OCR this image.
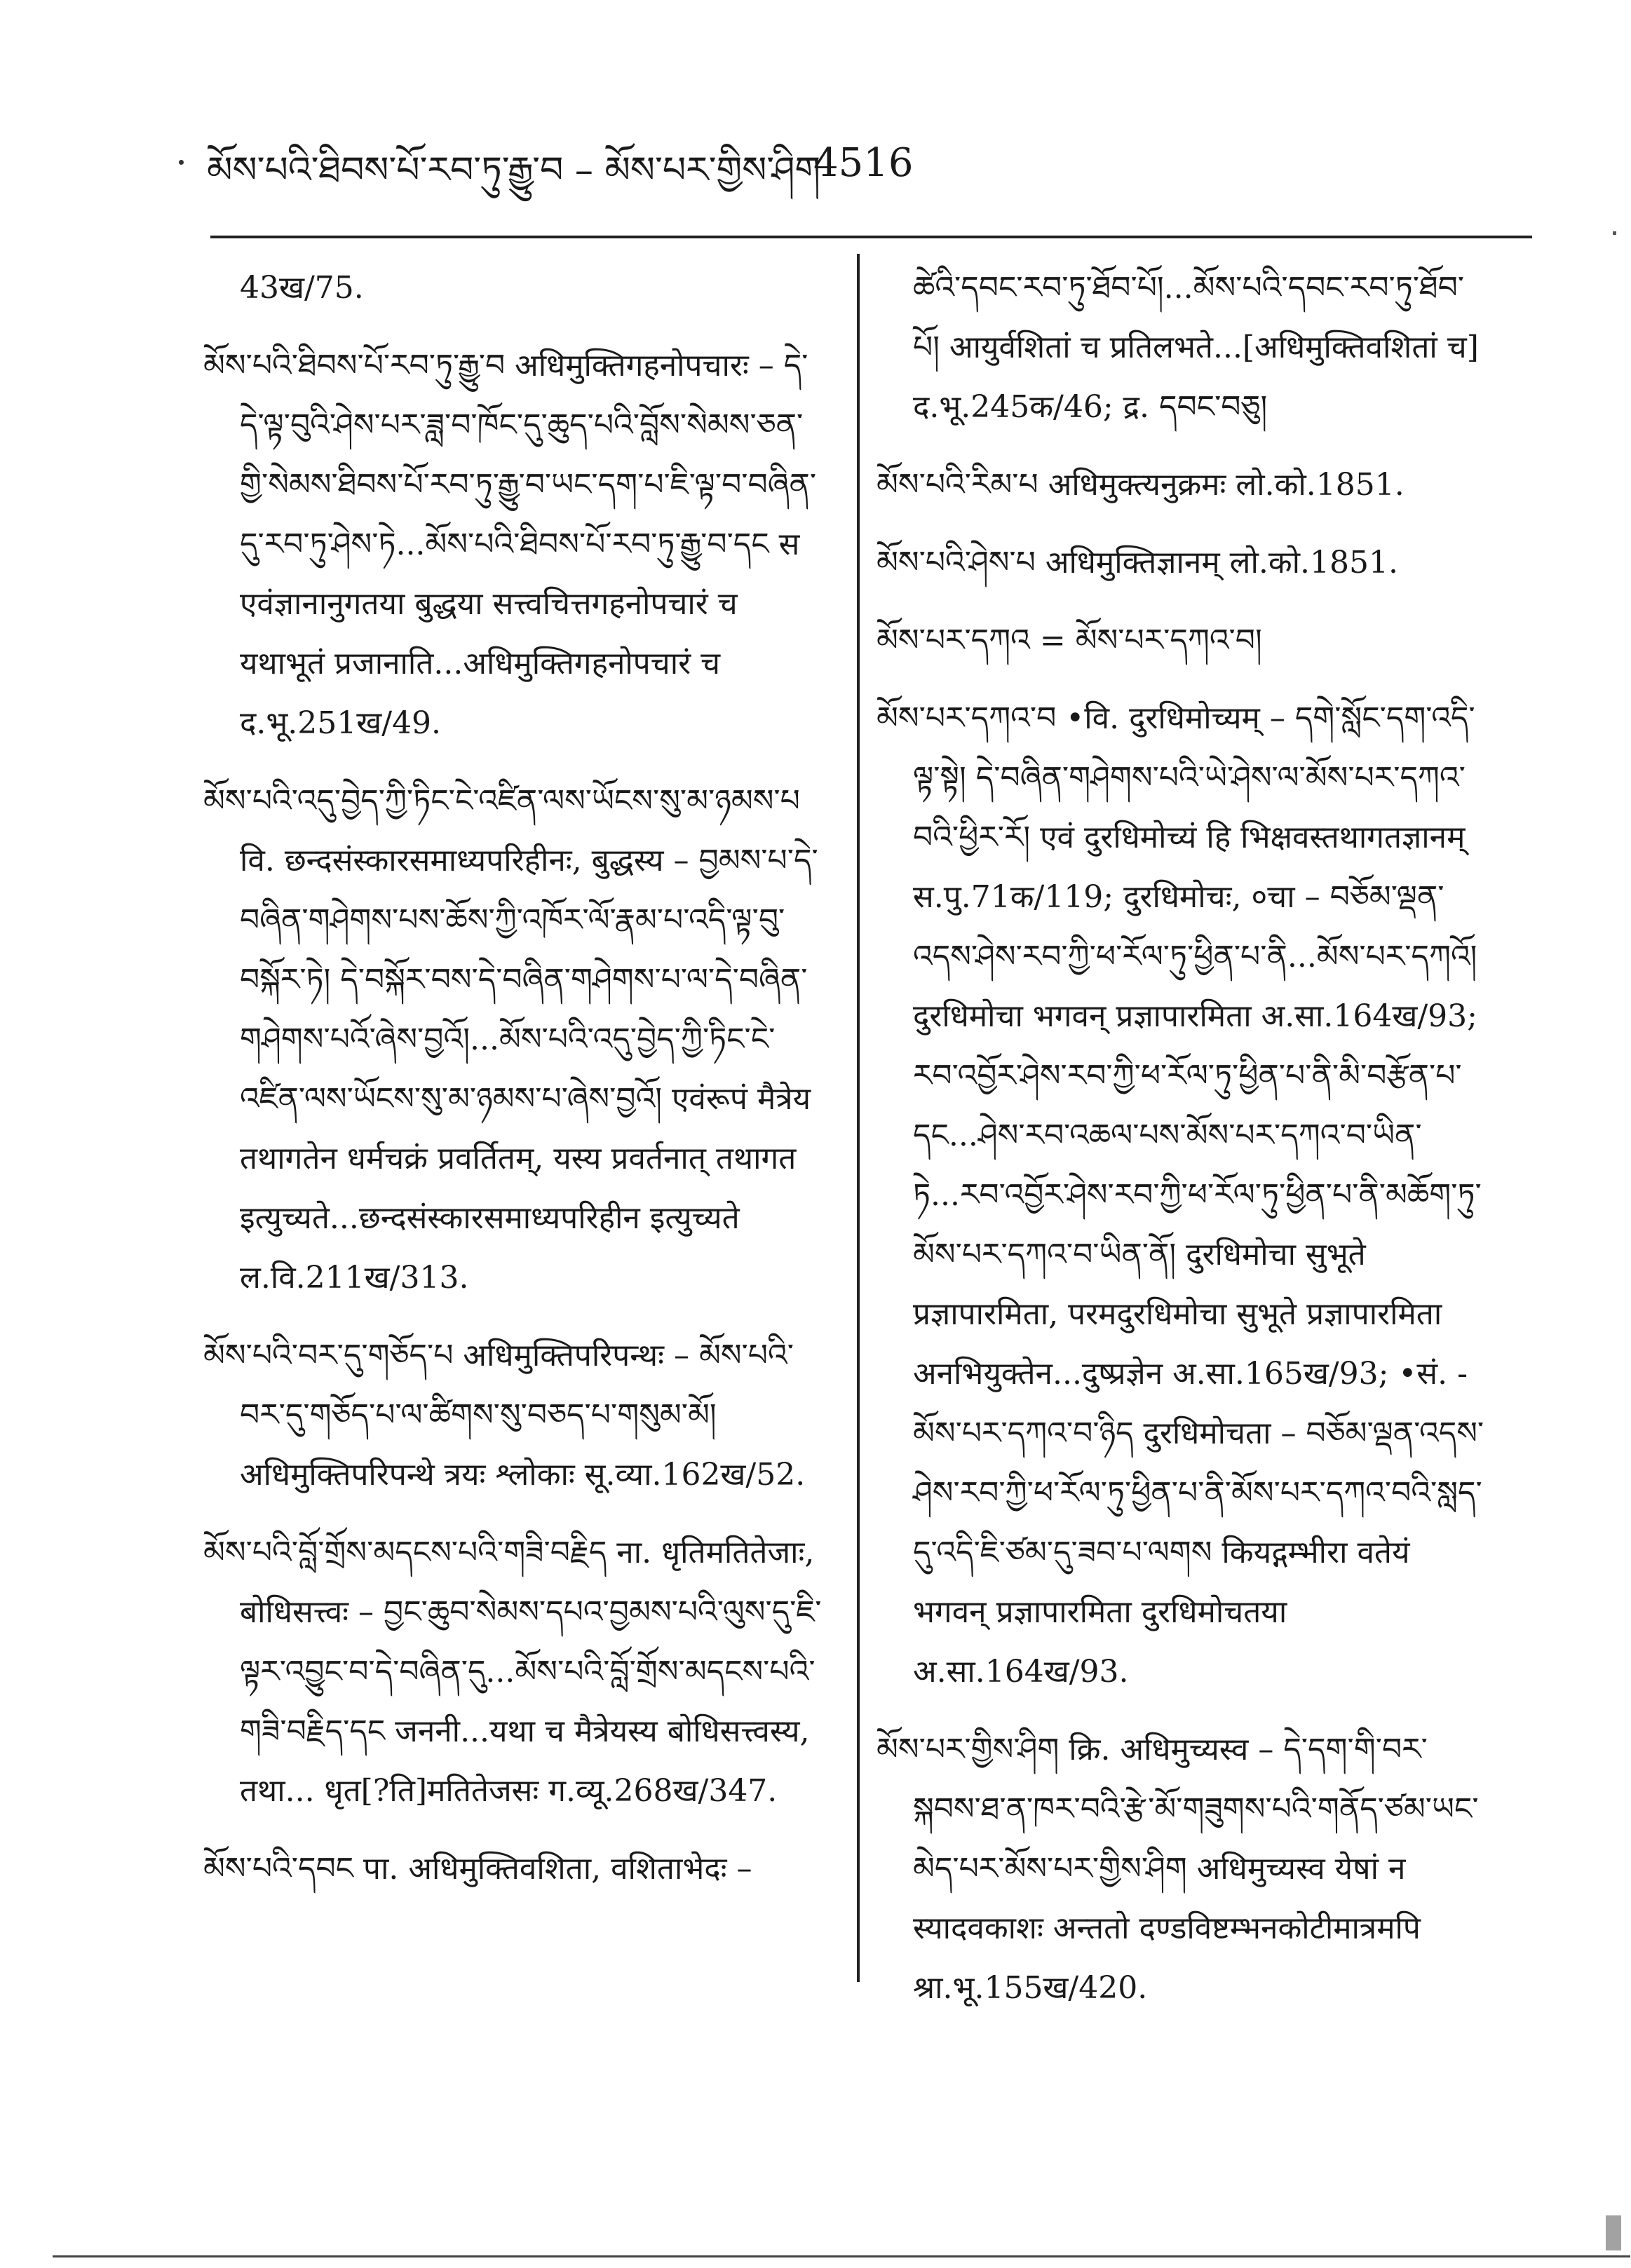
མོས་པའི་ཐིབས་པོ་རབ་ཏུ་རྒྱུ་བ – མོས་པར་གྱིས་ཤིག
4516

43ख/75.

མོས་པའི་ཐིབས་པོ་རབ་ཏུ་རྒྱུ་བ अधिमुक्तिगहनोपचारः – དེ་དེ་ལྟ་བུའི་ཤེས་པར་ཟླ་བ་ཁོང་དུ་ཆུད་པའི་བློས་སེམས་ཅན་གྱི་སེམས་ཐིབས་པོ་རབ་ཏུ་རྒྱུ་བ་ཡང་དག་པ་ཇི་ལྟ་བ་བཞིན་དུ་རབ་ཏུ་ཤེས་ཏེ...མོས་པའི་ཐིབས་པོ་རབ་ཏུ་རྒྱུ་བ་དང स एवंज्ञानानुगतया बुद्धया सत्त्वचित्तगहनोपचारं च यथाभूतं प्रजानाति...अधिमुक्तिगहनोपचारं च द.भू.251ख/49.

མོས་པའི་འདུ་བྱེད་ཀྱི་ཏིང་ངེ་འཛིན་ལས་ཡོངས་སུ་མ་ཉམས་པ वि. छन्दसंस्कारसमाध्यपरिहीनः, बुद्धस्य – བྱམས་པ་དེ་བཞིན་གཤེགས་པས་ཆོས་ཀྱི་འཁོར་ལོ་རྣམ་པ་འདི་ལྟ་བུ་བསྐོར་ཏེ། དེ་བསྐོར་བས་དེ་བཞིན་གཤེགས་པ་ལ་དེ་བཞིན་གཤེགས་པའོ་ཞེས་བྱའོ།...མོས་པའི་འདུ་བྱེད་ཀྱི་ཏིང་ངེ་འཛིན་ལས་ཡོངས་སུ་མ་ཉམས་པ་ཞེས་བྱའོ། एवंरूपं मैत्रेय तथागतेन धर्मचक्रं प्रवर्तितम्, यस्य प्रवर्तनात् तथागत इत्युच्यते...छन्दसंस्कारसमाध्यपरिहीन इत्युच्यते ल.वि.211ख/313.

མོས་པའི་བར་དུ་གཅོད་པ अधिमुक्तिपरिपन्थः – མོས་པའི་བར་དུ་གཅོད་པ་ལ་ཚིགས་སུ་བཅད་པ་གསུམ་མོ། अधिमुक्तिपरिपन्थे त्रयः श्लोकाः सू.व्या.162ख/52.

མོས་པའི་བློ་གྲོས་མདངས་པའི་གཟི་བརྗིད ना. धृतिमतितेजाः, बोधिसत्त्वः – བྱང་ཆུབ་སེམས་དཔའ་བྱམས་པའི་ལུས་དུ་ཇི་ལྟར་འབྱུང་བ་དེ་བཞིན་དུ...མོས་པའི་བློ་གྲོས་མདངས་པའི་གཟི་བརྗིད་དང जननी...यथा च मैत्रेयस्य बोधिसत्त्वस्य, तथा... धृत[?ति]मतितेजसः ग.व्यू.268ख/347.

མོས་པའི་དབང पा. अधिमुक्तिवशिता, वशिताभेदः –

ཚེའི་དབང་རབ་ཏུ་ཐོབ་པོ།...མོས་པའི་དབང་རབ་ཏུ་ཐོབ་པོ། आयुर्वशितां च प्रतिलभते...[अधिमुक्तिवशितां च] द.भू.245क/46; द्र. དབང་བཅུ།

མོས་པའི་རིམ་པ अधिमुक्त्यनुक्रमः लो.को.1851.

མོས་པའི་ཤེས་པ अधिमुक्तिज्ञानम् लो.को.1851.

མོས་པར་དཀའ = མོས་པར་དཀའ་བ།

མོས་པར་དཀའ་བ •वि. दुरधिमोच्यम् – དགེ་སློང་དག་འདི་ལྟ་སྟེ། དེ་བཞིན་གཤེགས་པའི་ཡེ་ཤེས་ལ་མོས་པར་དཀའ་བའི་ཕྱིར་རོ། एवं दुरधिमोच्यं हि भिक्षवस्तथागतज्ञानम् स.पु.71क/119; दुरधिमोचः, ०चा – བཅོམ་ལྡན་འདས་ཤེས་རབ་ཀྱི་ཕ་རོལ་ཏུ་ཕྱིན་པ་ནི...མོས་པར་དཀའོ། दुरधिमोचा भगवन् प्रज्ञापारमिता अ.सा.164ख/93; རབ་འབྱོར་ཤེས་རབ་ཀྱི་ཕ་རོལ་ཏུ་ཕྱིན་པ་ནི་མི་བརྩོན་པ་དང...ཤེས་རབ་འཆལ་པས་མོས་པར་དཀའ་བ་ཡིན་ཏེ...རབ་འབྱོར་ཤེས་རབ་ཀྱི་ཕ་རོལ་ཏུ་ཕྱིན་པ་ནི་མཆོག་ཏུ་མོས་པར་དཀའ་བ་ཡིན་ནོ། दुरधिमोचा सुभूते प्रज्ञापारमिता, परमदुरधिमोचा सुभूते प्रज्ञापारमिता अनभियुक्तेन...दुष्प्रज्ञेन अ.सा.165ख/93; •सं. - མོས་པར་དཀའ་བ་ཉིད दुरधिमोचता – བཅོམ་ལྡན་འདས་ཤེས་རབ་ཀྱི་ཕ་རོལ་ཏུ་ཕྱིན་པ་ནི་མོས་པར་དཀའ་བའི་སླད་དུ་འདི་ཇི་ཙམ་དུ་ཟབ་པ་ལགས कियद्गम्भीरा वतेयं भगवन् प्रज्ञापारमिता दुरधिमोचतया अ.सा.164ख/93.

མོས་པར་གྱིས་ཤིག क्रि. अधिमुच्यस्व – དེ་དག་གི་བར་སྐབས་ཐ་ན་ཁར་བའི་རྩེ་མོ་གཟུགས་པའི་གནོད་ཙམ་ཡང་མེད་པར་མོས་པར་གྱིས་ཤིག अधिमुच्यस्व येषां न स्यादवकाशः अन्ततो दण्डविष्टम्भनकोटीमात्रमपि श्रा.भू.155ख/420.
